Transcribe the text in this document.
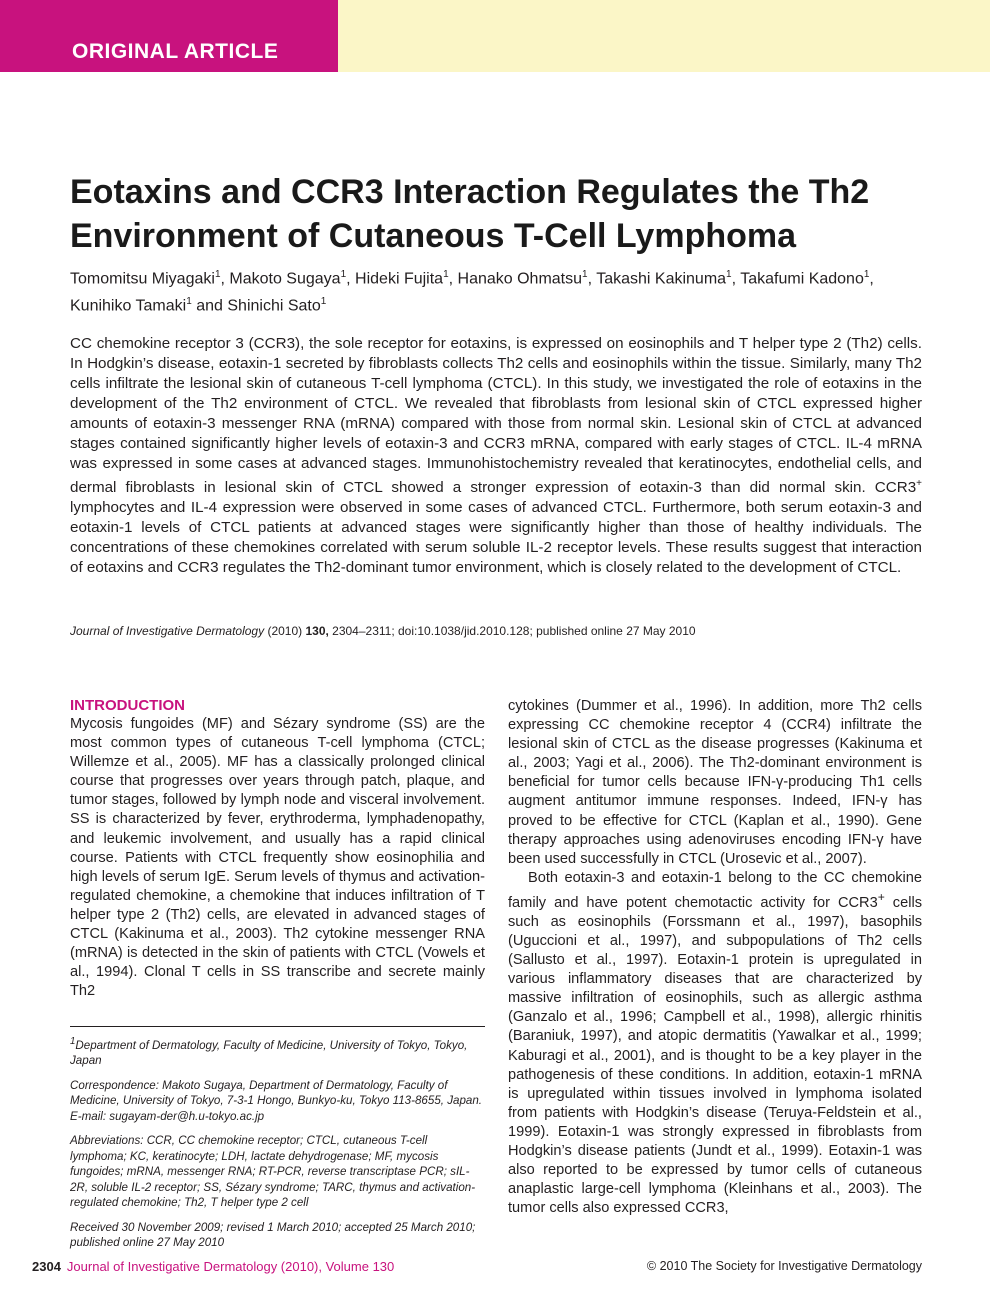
ORIGINAL ARTICLE
Eotaxins and CCR3 Interaction Regulates the Th2 Environment of Cutaneous T-Cell Lymphoma
Tomomitsu Miyagaki$^1$, Makoto Sugaya$^1$, Hideki Fujita$^1$, Hanako Ohmatsu$^1$, Takashi Kakinuma$^1$, Takafumi Kadono$^1$, Kunihiko Tamaki$^1$ and Shinichi Sato$^1$

CC chemokine receptor 3 (CCR3), the sole receptor for eotaxins, is expressed on eosinophils and T helper type 2 (Th2) cells. In Hodgkin’s disease, eotaxin-1 secreted by fibroblasts collects Th2 cells and eosinophils within the tissue. Similarly, many Th2 cells infiltrate the lesional skin of cutaneous T-cell lymphoma (CTCL). In this study, we investigated the role of eotaxins in the development of the Th2 environment of CTCL. We revealed that fibroblasts from lesional skin of CTCL expressed higher amounts of eotaxin-3 messenger RNA (mRNA) compared with those from normal skin. Lesional skin of CTCL at advanced stages contained significantly higher levels of eotaxin-3 and CCR3 mRNA, compared with early stages of CTCL. IL-4 mRNA was expressed in some cases at advanced stages. Immunohistochemistry revealed that keratinocytes, endothelial cells, and dermal fibroblasts in lesional skin of CTCL showed a stronger expression of eotaxin-3 than did normal skin. CCR3+ lymphocytes and IL-4 expression were observed in some cases of advanced CTCL. Furthermore, both serum eotaxin-3 and eotaxin-1 levels of CTCL patients at advanced stages were significantly higher than those of healthy individuals. The concentrations of these chemokines correlated with serum soluble IL-2 receptor levels. These results suggest that interaction of eotaxins and CCR3 regulates the Th2-dominant tumor environment, which is closely related to the development of CTCL.

Journal of Investigative Dermatology (2010) 130, 2304–2311; doi:10.1038/jid.2010.128; published online 27 May 2010
INTRODUCTION

Mycosis fungoides (MF) and Sézary syndrome (SS) are the most common types of cutaneous T-cell lymphoma (CTCL; Willemze et al., 2005). MF has a classically prolonged clinical course that progresses over years through patch, plaque, and tumor stages, followed by lymph node and visceral involvement. SS is characterized by fever, erythroderma, lymphadenopathy, and leukemic involvement, and usually has a rapid clinical course. Patients with CTCL frequently show eosinophilia and high levels of serum IgE. Serum levels of thymus and activation-regulated chemokine, a chemokine that induces infiltration of T helper type 2 (Th2) cells, are elevated in advanced stages of CTCL (Kakinuma et al., 2003). Th2 cytokine messenger RNA (mRNA) is detected in the skin of patients with CTCL (Vowels et al., 1994). Clonal T cells in SS transcribe and secrete mainly Th2

cytokines (Dummer et al., 1996). In addition, more Th2 cells expressing CC chemokine receptor 4 (CCR4) infiltrate the lesional skin of CTCL as the disease progresses (Kakinuma et al., 2003; Yagi et al., 2006). The Th2-dominant environment is beneficial for tumor cells because IFN-γ-producing Th1 cells augment antitumor immune responses. Indeed, IFN-γ has proved to be effective for CTCL (Kaplan et al., 1990). Gene therapy approaches using adenoviruses encoding IFN-γ have been used successfully in CTCL (Urosevic et al., 2007).

Both eotaxin-3 and eotaxin-1 belong to the CC chemokine family and have potent chemotactic activity for CCR3+ cells such as eosinophils (Forssmann et al., 1997), basophils (Uguccioni et al., 1997), and subpopulations of Th2 cells (Sallusto et al., 1997). Eotaxin-1 protein is upregulated in various inflammatory diseases that are characterized by massive infiltration of eosinophils, such as allergic asthma (Ganzalo et al., 1996; Campbell et al., 1998), allergic rhinitis (Baraniuk, 1997), and atopic dermatitis (Yawalkar et al., 1999; Kaburagi et al., 2001), and is thought to be a key player in the pathogenesis of these conditions. In addition, eotaxin-1 mRNA is upregulated within tissues involved in lymphoma isolated from patients with Hodgkin’s disease (Teruya-Feldstein et al., 1999). Eotaxin-1 was strongly expressed in fibroblasts from Hodgkin’s disease patients (Jundt et al., 1999). Eotaxin-1 was also reported to be expressed by tumor cells of cutaneous anaplastic large-cell lymphoma (Kleinhans et al., 2003). The tumor cells also expressed CCR3,

$^1$Department of Dermatology, Faculty of Medicine, University of Tokyo, Tokyo, Japan

Correspondence: Makoto Sugaya, Department of Dermatology, Faculty of Medicine, University of Tokyo, 7-3-1 Hongo, Bunkyo-ku, Tokyo 113-8655, Japan. E-mail: sugayam-der@h.u-tokyo.ac.jp

Abbreviations: CCR, CC chemokine receptor; CTCL, cutaneous T-cell lymphoma; KC, keratinocyte; LDH, lactate dehydrogenase; MF, mycosis fungoides; mRNA, messenger RNA; RT-PCR, reverse transcriptase PCR; sIL-2R, soluble IL-2 receptor; SS, Sézary syndrome; TARC, thymus and activation-regulated chemokine; Th2, T helper type 2 cell

Received 30 November 2009; revised 1 March 2010; accepted 25 March 2010; published online 27 May 2010

2304 Journal of Investigative Dermatology (2010), Volume 130	© 2010 The Society for Investigative Dermatology
